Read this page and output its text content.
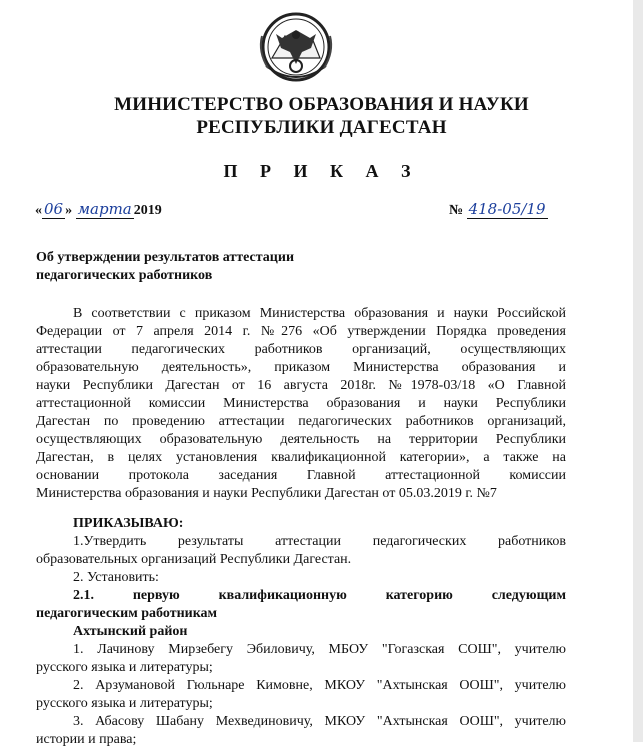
МИНИСТЕРСТВО ОБРАЗОВАНИЯ И НАУКИ
РЕСПУБЛИКИ ДАГЕСТАН
П Р И К А З
« 06 » марта 2019	№ 418-05/19
Об утверждении результатов аттестации
педагогических работников
В соответствии с приказом Министерства образования и науки Российской
Федерации от 7 апреля 2014 г. №276 «Об утверждении Порядка проведения
аттестации педагогических работников организаций, осуществляющих
образовательную деятельность», приказом Министерства образования и
науки Республики Дагестан от 16 августа 2018г. №1978-03/18 «О Главной
аттестационной комиссии Министерства образования и науки Республики
Дагестан по проведению аттестации педагогических работников организаций,
осуществляющих образовательную деятельность на территории Республики
Дагестан, в целях установления квалификационной категории», а также на
основании протокола заседания Главной аттестационной комиссии
Министерства образования и науки Республики Дагестан от 05.03.2019 г. №7
ПРИКАЗЫВАЮ:
1.Утвердить результаты аттестации педагогических работников
образовательных организаций Республики Дагестан.
2. Установить:
2.1. первую квалификационную категорию следующим
педагогическим работникам
Ахтынский район
1. Лачинову Мирзебегу Эбиловичу, МБОУ "Гогазская СОШ", учителю
русского языка и литературы;
2. Арзумановой Гюльнаре Кимовне, МКОУ "Ахтынская ООШ", учителю
русского языка и литературы;
3. Абасову Шабану Мехвединовичу, МКОУ "Ахтынская ООШ", учителю
истории и права;
